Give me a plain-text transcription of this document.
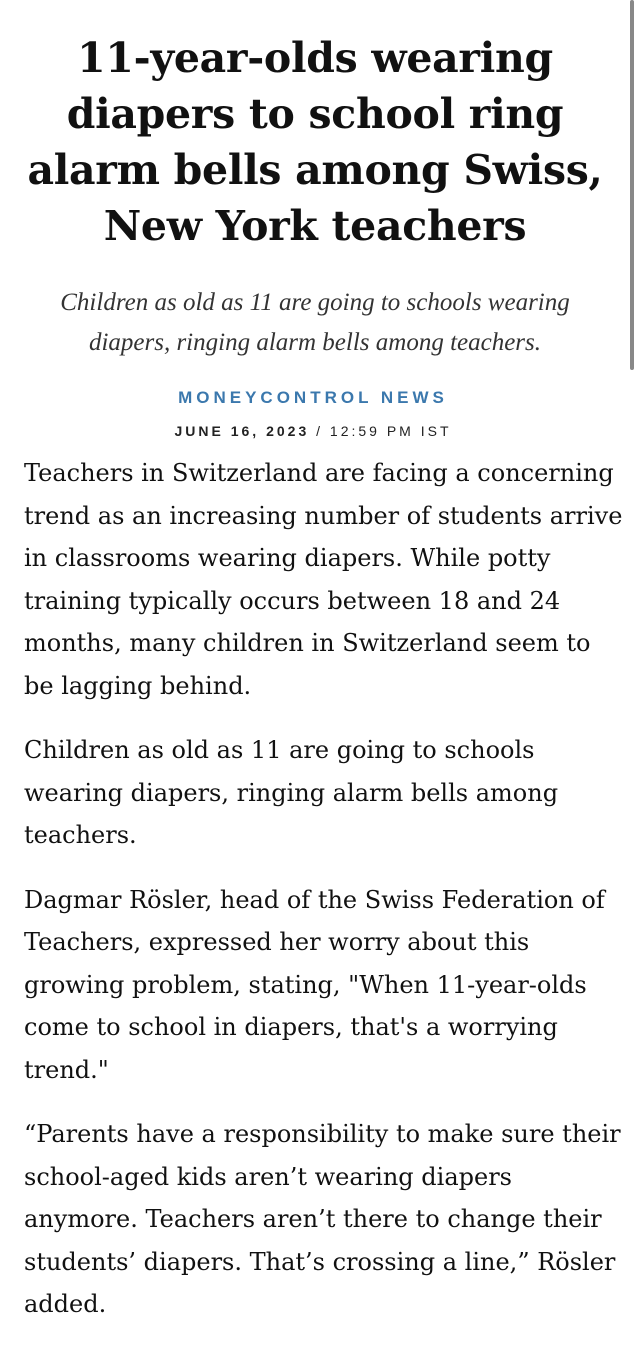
11-year-olds wearing diapers to school ring alarm bells among Swiss, New York teachers

Children as old as 11 are going to schools wearing diapers, ringing alarm bells among teachers.

MONEYCONTROL NEWS
JUNE 16, 2023 / 12:59 PM IST

Teachers in Switzerland are facing a concerning trend as an increasing number of students arrive in classrooms wearing diapers. While potty training typically occurs between 18 and 24 months, many children in Switzerland seem to be lagging behind.

Children as old as 11 are going to schools wearing diapers, ringing alarm bells among teachers.

Dagmar Rösler, head of the Swiss Federation of Teachers, expressed her worry about this growing problem, stating, "When 11-year-olds come to school in diapers, that's a worrying trend."

“Parents have a responsibility to make sure their school-aged kids aren’t wearing diapers anymore. Teachers aren’t there to change their students’ diapers. That’s crossing a line,” Rösler added.
